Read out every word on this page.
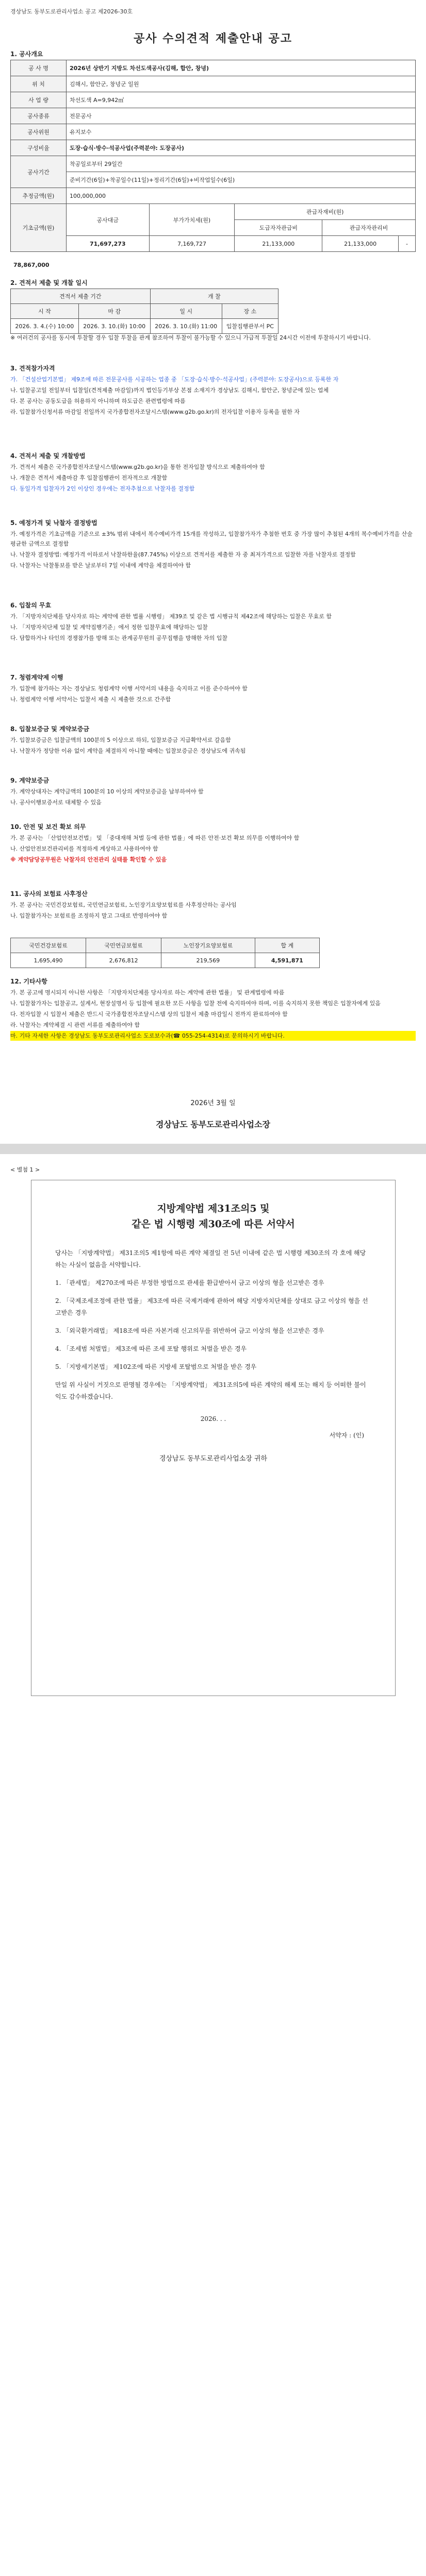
경상남도 동부도로관리사업소 공고 제2026-30호
공사 수의견적 제출안내 공고
1. 공사개요
공 사 명	2026년 상반기 지방도 차선도색공사(김해, 합안, 창녕)				
위 치	김해시, 함안군, 창녕군 일원				
사 업 량	차선도색 A=9,942㎡				
공사종류	전문공사				
공사위원	유지보수				
구성비율	도장·습식·방수·석공사업(주력분야: 도장공사)				
공사기간	착공일로부터 29일간				
	준비기간(6일)+착공일수(11일)+정리기간(6일)+비작업일수(6일)				
추정금액(원)	100,000,000				
기초금액(원)	공사대금	부가가치세(원)	관급자재비(원)		
			도급자자관급비	관급자자관리비	
	71,697,273	7,169,727	21,133,000	21,133,000	-
78,867,000
2. 견적서 제출 및 개찰 일시
견적서 제출 기간		개 찰	
시 작	마 감	일 시	장 소
2026. 3. 4.(수) 10:00	2026. 3. 10.(화) 10:00	2026. 3. 10.(화) 11:00	입찰집행관부서 PC

※ 여러건의 공사를 동시에 투찰할 경우 입찰 투찰을 관계 참조하여 투찰이 불가능할 수 있으니 가급적 투찰일 24시간 이전에 투찰하시기 바랍니다.

3. 견적참가자격

가. 「건설산업기본법」 제9조에 따른 전문공사를 시공하는 업종 중 「도장·습식·방수·석공사업」(주력분야: 도장공사)으로 등록한 자

나. 입찰공고일 전일부터 입찰일(견적제출 마감일)까지 법인등기부상 본점 소재지가 경상남도 김해시, 함안군, 창녕군에 있는 업체

다. 본 공사는 공동도급을 허용하지 아니하며 하도급은 관련법령에 따름

라. 입찰참가신청서류 마감일 전일까지 국가종합전자조달시스템(www.g2b.go.kr)의 전자입찰 이용자 등록을 필한 자

4. 견적서 제출 및 개찰방법

가. 견적서 제출은 국가종합전자조달시스템(www.g2b.go.kr)을 통한 전자입찰 방식으로 제출하여야 함

나. 개찰은 견적서 제출마감 후 입찰집행관이 전자적으로 개찰함

다. 동일가격 입찰자가 2인 이상인 경우에는 전자추첨으로 낙찰자를 결정함

5. 예정가격 및 낙찰자 결정방법

가. 예정가격은 기초금액을 기준으로 ±3% 범위 내에서 복수예비가격 15개를 작성하고, 입찰참가자가 추첨한 번호 중 가장 많이 추첨된 4개의 복수예비가격을 산술평균한 금액으로 결정함

나. 낙찰자 결정방법: 예정가격 이하로서 낙찰하한율(87.745%) 이상으로 견적서를 제출한 자 중 최저가격으로 입찰한 자를 낙찰자로 결정함

다. 낙찰자는 낙찰통보를 받은 날로부터 7일 이내에 계약을 체결하여야 함

6. 입찰의 무효

가. 「지방자치단체를 당사자로 하는 계약에 관한 법률 시행령」 제39조 및 같은 법 시행규칙 제42조에 해당하는 입찰은 무효로 함

나. 「지방자치단체 입찰 및 계약집행기준」에서 정한 입찰무효에 해당하는 입찰

다. 담합하거나 타인의 경쟁참가를 방해 또는 관계공무원의 공무집행을 방해한 자의 입찰

7. 청렴계약제 이행

가. 입찰에 참가하는 자는 경상남도 청렴계약 이행 서약서의 내용을 숙지하고 이를 준수하여야 함

나. 청렴계약 이행 서약서는 입찰서 제출 시 제출한 것으로 간주함

8. 입찰보증금 및 계약보증금

가. 입찰보증금은 입찰금액의 100분의 5 이상으로 하되, 입찰보증금 지급확약서로 갈음함

나. 낙찰자가 정당한 이유 없이 계약을 체결하지 아니할 때에는 입찰보증금은 경상남도에 귀속됨

9. 계약보증금

가. 계약상대자는 계약금액의 100분의 10 이상의 계약보증금을 납부하여야 함

나. 공사이행보증서로 대체할 수 있음

10. 안전 및 보건 확보 의무

가. 본 공사는 「산업안전보건법」 및 「중대재해 처벌 등에 관한 법률」에 따른 안전·보건 확보 의무를 이행하여야 함

나. 산업안전보건관리비를 적정하게 계상하고 사용하여야 함

※ 계약담당공무원은 낙찰자의 안전관리 실태를 확인할 수 있음

11. 공사의 보험료 사후정산

가. 본 공사는 국민건강보험료, 국민연금보험료, 노인장기요양보험료를 사후정산하는 공사임

나. 입찰참가자는 보험료를 조정하지 말고 그대로 반영하여야 함

국민건강보험료	국민연금보험료	노인장기요양보험료	합 계
1,695,490	2,676,812	219,569	4,591,871
12. 기타사항

가. 본 공고에 명시되지 아니한 사항은 「지방자치단체를 당사자로 하는 계약에 관한 법률」 및 관계법령에 따름

나. 입찰참가자는 입찰공고, 설계서, 현장설명서 등 입찰에 필요한 모든 사항을 입찰 전에 숙지하여야 하며, 이를 숙지하지 못한 책임은 입찰자에게 있음

다. 전자입찰 시 입찰서 제출은 반드시 국가종합전자조달시스템 상의 입찰서 제출 마감일시 전까지 완료하여야 함

라. 낙찰자는 계약체결 시 관련 서류를 제출하여야 함

마. 기타 자세한 사항은 경상남도 동부도로관리사업소 도로보수과(☎ 055-254-4314)로 문의하시기 바랍니다.

2026년 3월 일
경상남도 동부도로관리사업소장
< 별첨 1 >
지방계약법 제31조의5 및
같은 법 시행령 제30조에 따른 서약서

당사는 「지방계약법」 제31조의5 제1항에 따른 계약 체결일 전 5년 이내에 같은 법 시행령 제30조의 각 호에 해당하는 사실이 없음을 서약합니다.

1. 「관세법」 제270조에 따른 부정한 방법으로 관세를 환급받아서 금고 이상의 형을 선고받은 경우

2. 「국제조세조정에 관한 법률」 제3조에 따른 국제거래에 관하여 해당 지방자치단체를 상대로 금고 이상의 형을 선고받은 경우

3. 「외국환거래법」 제18조에 따른 자본거래 신고의무를 위반하여 금고 이상의 형을 선고받은 경우

4. 「조세범 처벌법」 제3조에 따른 조세 포탈 행위로 처벌을 받은 경우

5. 「지방세기본법」 제102조에 따른 지방세 포탈범으로 처벌을 받은 경우

만일 위 사실이 거짓으로 판명될 경우에는 「지방계약법」 제31조의5에 따른 계약의 해제 또는 해지 등 어떠한 불이익도 감수하겠습니다.

2026. . .
서약자 : (인)
경상남도 동부도로관리사업소장 귀하
